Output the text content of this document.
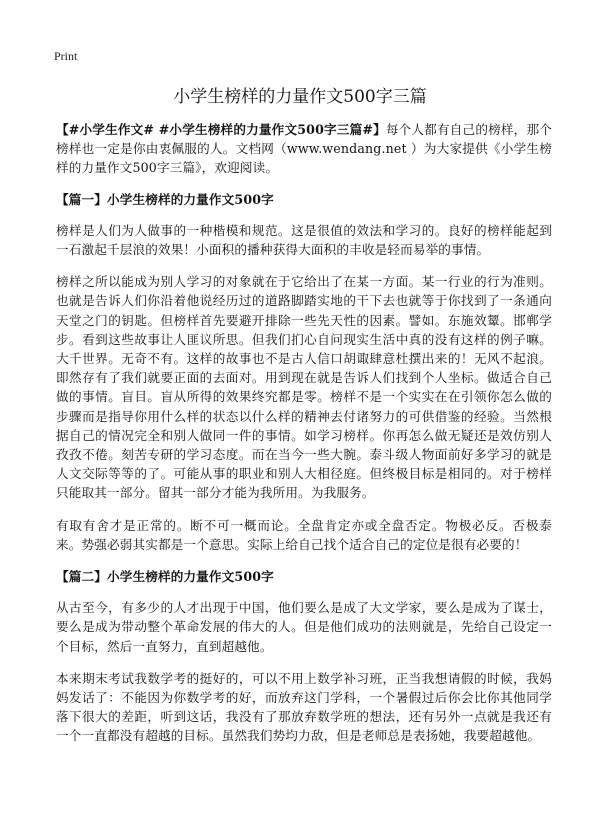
Print
小学生榜样的力量作文500字三篇

【#小学生作文# #小学生榜样的力量作文500字三篇#】每个人都有自己的榜样，那个榜样也一定是你由衷佩服的人。文档网（www.wendang.net ）为大家提供《小学生榜样的力量作文500字三篇》，欢迎阅读。

【篇一】小学生榜样的力量作文500字

榜样是人们为人做事的一种楷模和规范。这是很值的效法和学习的。良好的榜样能起到一石激起千层浪的效果！小面积的播种获得大面积的丰收是轻而易举的事情。

榜样之所以能成为别人学习的对象就在于它给出了在某一方面。某一行业的行为准则。也就是告诉人们你沿着他说经历过的道路脚踏实地的干下去也就等于你找到了一条通向天堂之门的钥匙。但榜样首先要避开排除一些先天性的因素。譬如。东施效颦。邯郸学步。看到这些故事让人匪议所思。但我们扪心自问现实生活中真的没有这样的例子嘛。大千世界。无奇不有。这样的故事也不是古人信口胡诹肆意杜撰出来的！无风不起浪。即然存有了我们就要正面的去面对。用到现在就是告诉人们找到个人坐标。做适合自己做的事情。盲目。盲从所得的效果终究都是零。榜样不是一个实实在在引领你怎么做的步骤而是指导你用什么样的状态以什么样的精神去付诸努力的可供借鉴的经验。当然根据自己的情况完全和别人做同一件的事情。如学习榜样。你再怎么做无疑还是效仿别人孜孜不倦。刻苦专研的学习态度。而在当今一些大腕。泰斗级人物面前好多学习的就是人文交际等等的了。可能从事的职业和别人大相径庭。但终极目标是相同的。对于榜样只能取其一部分。留其一部分才能为我所用。为我服务。

有取有舍才是正常的。断不可一概而论。全盘肯定亦或全盘否定。物极必反。否极泰来。势强必弱其实都是一个意思。实际上给自己找个适合自己的定位是很有必要的！

【篇二】小学生榜样的力量作文500字

从古至今，有多少的人才出现于中国，他们要么是成了大文学家，要么是成为了谋士，要么是成为带动整个革命发展的伟大的人。但是他们成功的法则就是，先给自己设定一个目标，然后一直努力，直到超越他。

本来期末考试我数学考的挺好的，可以不用上数学补习班，正当我想请假的时候，我妈妈发话了：不能因为你数学考的好，而放弃这门学科，一个暑假过后你会比你其他同学落下很大的差距，听到这话，我没有了那放弃数学班的想法，还有另外一点就是我还有一个一直都没有超越的目标。虽然我们势均力敌，但是老师总是表扬她，我要超越他。
